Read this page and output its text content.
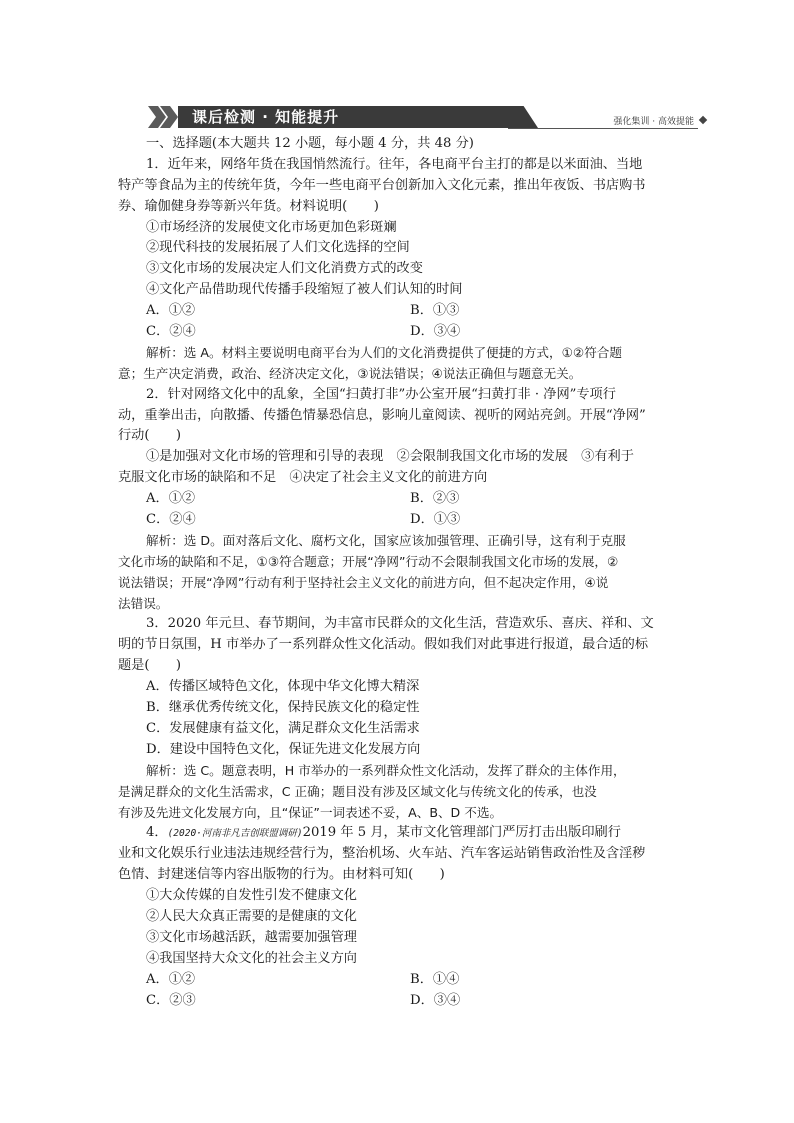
课后检测 · 知能提升	强化集训 · 高效提能
一、选择题(本大题共 12 小题，每小题 4 分，共 48 分)
1．近年来，网络年货在我国悄然流行。往年，各电商平台主打的都是以米面油、当地
特产等食品为主的传统年货，今年一些电商平台创新加入文化元素，推出年夜饭、书店购书
券、瑜伽健身券等新兴年货。材料说明(　　)
①市场经济的发展使文化市场更加色彩斑斓
②现代科技的发展拓展了人们文化选择的空间
③文化市场的发展决定人们文化消费方式的改变
④文化产品借助现代传播手段缩短了被人们认知的时间
A．①②	B．①③
C．②④	D．③④
解析：选 A。材料主要说明电商平台为人们的文化消费提供了便捷的方式，①②符合题
意；生产决定消费，政治、经济决定文化，③说法错误；④说法正确但与题意无关。
2．针对网络文化中的乱象，全国“扫黄打非”办公室开展“扫黄打非 · 净网”专项行
动，重拳出击，向散播、传播色情暴恐信息，影响儿童阅读、视听的网站亮剑。开展“净网”
行动(　　)
①是加强对文化市场的管理和引导的表现　②会限制我国文化市场的发展　③有利于
克服文化市场的缺陷和不足　④决定了社会主义文化的前进方向
A．①②	B．②③
C．②④	D．①③
解析：选 D。面对落后文化、腐朽文化，国家应该加强管理、正确引导，这有利于克服
文化市场的缺陷和不足，①③符合题意；开展“净网”行动不会限制我国文化市场的发展，②
说法错误；开展“净网”行动有利于坚持社会主义文化的前进方向，但不起决定作用，④说
法错误。
3．2020 年元旦、春节期间，为丰富市民群众的文化生活，营造欢乐、喜庆、祥和、文
明的节日氛围，H 市举办了一系列群众性文化活动。假如我们对此事进行报道，最合适的标
题是(　　)
A．传播区域特色文化，体现中华文化博大精深
B．继承优秀传统文化，保持民族文化的稳定性
C．发展健康有益文化，满足群众文化生活需求
D．建设中国特色文化，保证先进文化发展方向
解析：选 C。题意表明，H 市举办的一系列群众性文化活动，发挥了群众的主体作用，
是满足群众的文化生活需求，C 正确；题目没有涉及区域文化与传统文化的传承，也没
有涉及先进文化发展方向，且“保证”一词表述不妥，A、B、D 不选。
4．(2020·河南非凡吉创联盟调研)2019 年 5 月，某市文化管理部门严厉打击出版印刷行
业和文化娱乐行业违法违规经营行为，整治机场、火车站、汽车客运站销售政治性及含淫秽
色情、封建迷信等内容出版物的行为。由材料可知(　　)
①大众传媒的自发性引发不健康文化
②人民大众真正需要的是健康的文化
③文化市场越活跃，越需要加强管理
④我国坚持大众文化的社会主义方向
A．①②	B．①④
C．②③	D．③④
